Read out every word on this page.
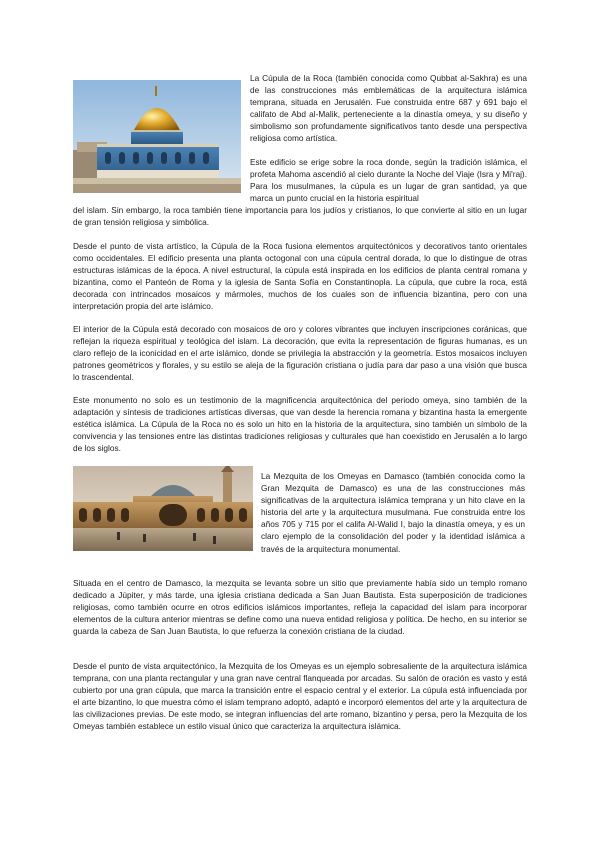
La Cúpula de la Roca (también conocida como Qubbat al-Sakhra) es una de las construcciones más emblemáticas de la arquitectura islámica temprana, situada en Jerusalén. Fue construida entre 687 y 691 bajo el califato de Abd al-Malik, perteneciente a la dinastía omeya, y su diseño y simbolismo son profundamente significativos tanto desde una perspectiva religiosa como artística.

Este edificio se erige sobre la roca donde, según la tradición islámica, el profeta Mahoma ascendió al cielo durante la Noche del Viaje (Isra y Mi'raj). Para los musulmanes, la cúpula es un lugar de gran santidad, ya que marca un punto crucial en la historia espiritual

del islam. Sin embargo, la roca también tiene importancia para los judíos y cristianos, lo que convierte al sitio en un lugar de gran tensión religiosa y simbólica.

Desde el punto de vista artístico, la Cúpula de la Roca fusiona elementos arquitectónicos y decorativos tanto orientales como occidentales. El edificio presenta una planta octogonal con una cúpula central dorada, lo que lo distingue de otras estructuras islámicas de la época. A nivel estructural, la cúpula está inspirada en los edificios de planta central romana y bizantina, como el Panteón de Roma y la iglesia de Santa Sofía en Constantinopla. La cúpula, que cubre la roca, está decorada con intrincados mosaicos y mármoles, muchos de los cuales son de influencia bizantina, pero con una interpretación propia del arte islámico.

El interior de la Cúpula está decorado con mosaicos de oro y colores vibrantes que incluyen inscripciones coránicas, que reflejan la riqueza espiritual y teológica del islam. La decoración, que evita la representación de figuras humanas, es un claro reflejo de la iconicidad en el arte islámico, donde se privilegia la abstracción y la geometría. Estos mosaicos incluyen patrones geométricos y florales, y su estilo se aleja de la figuración cristiana o judía para dar paso a una visión que busca lo trascendental.

Este monumento no solo es un testimonio de la magnificencia arquitectónica del periodo omeya, sino también de la adaptación y síntesis de tradiciones artísticas diversas, que van desde la herencia romana y bizantina hasta la emergente estética islámica. La Cúpula de la Roca no es solo un hito en la historia de la arquitectura, sino también un símbolo de la convivencia y las tensiones entre las distintas tradiciones religiosas y culturales que han coexistido en Jerusalén a lo largo de los siglos.

La Mezquita de los Omeyas en Damasco (también conocida como la Gran Mezquita de Damasco) es una de las construcciones más significativas de la arquitectura islámica temprana y un hito clave en la historia del arte y la arquitectura musulmana. Fue construida entre los años 705 y 715 por el califa Al-Walid I, bajo la dinastía omeya, y es un claro ejemplo de la consolidación del poder y la identidad islámica a través de la arquitectura monumental.

Situada en el centro de Damasco, la mezquita se levanta sobre un sitio que previamente había sido un templo romano dedicado a Júpiter, y más tarde, una iglesia cristiana dedicada a San Juan Bautista. Esta superposición de tradiciones religiosas, como también ocurre en otros edificios islámicos importantes, refleja la capacidad del islam para incorporar elementos de la cultura anterior mientras se define como una nueva entidad religiosa y política. De hecho, en su interior se guarda la cabeza de San Juan Bautista, lo que refuerza la conexión cristiana de la ciudad.

Desde el punto de vista arquitectónico, la Mezquita de los Omeyas es un ejemplo sobresaliente de la arquitectura islámica temprana, con una planta rectangular y una gran nave central flanqueada por arcadas. Su salón de oración es vasto y está cubierto por una gran cúpula, que marca la transición entre el espacio central y el exterior. La cúpula está influenciada por el arte bizantino, lo que muestra cómo el islam temprano adoptó, adaptó e incorporó elementos del arte y la arquitectura de las civilizaciones previas. De este modo, se integran influencias del arte romano, bizantino y persa, pero la Mezquita de los Omeyas también establece un estilo visual único que caracteriza la arquitectura islámica.
